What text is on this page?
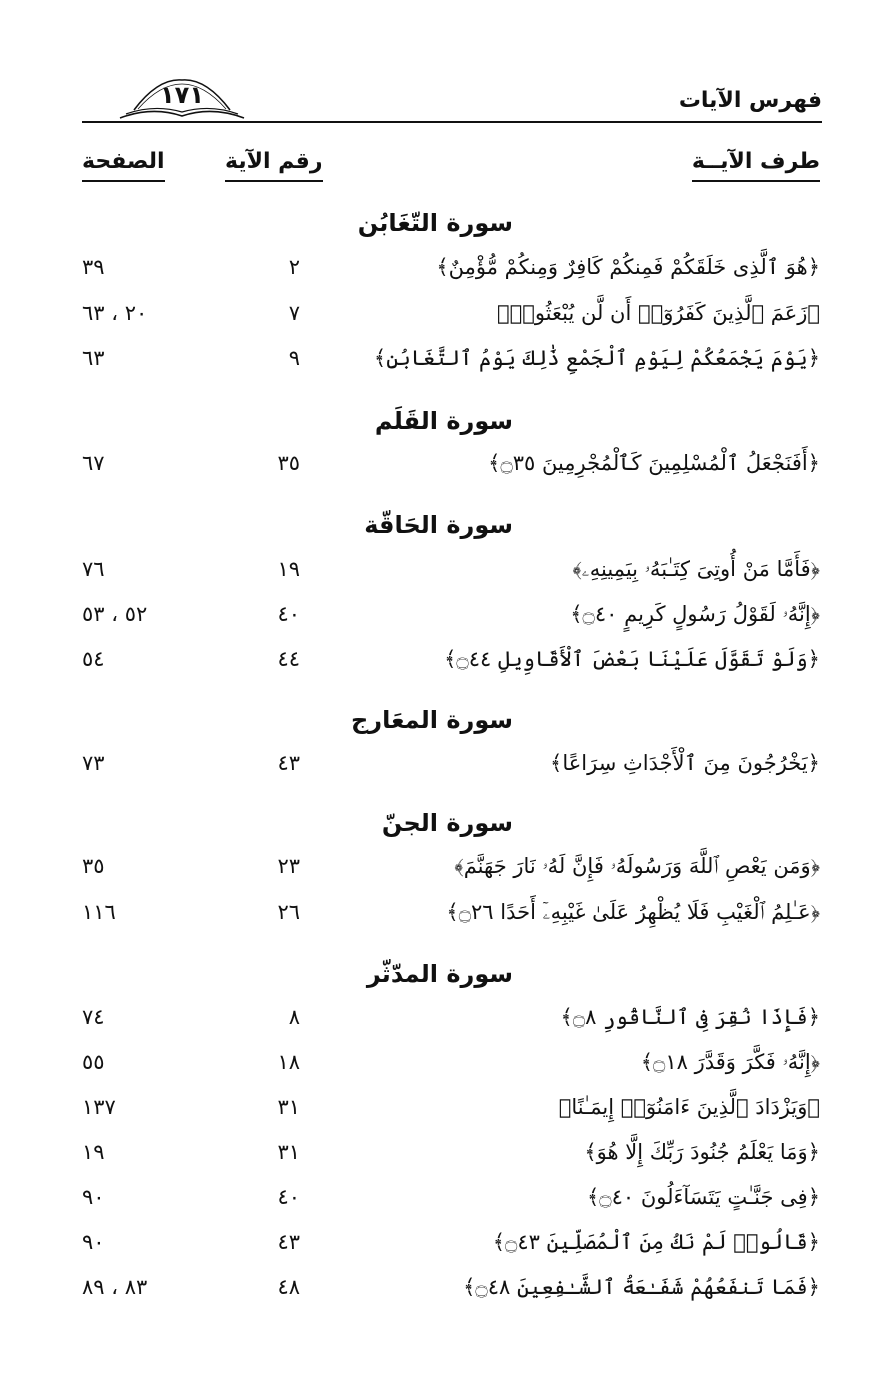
فهرس الآيات
١٧١
طرف الآيــة
رقم الآية
الصفحة
سورة التّغَابُن
﴿هُوَ ٱلَّذِى خَلَقَكُمْ فَمِنكُمْ كَافِرٌ وَمِنكُمْ مُّؤْمِنٌ﴾
٢
٣٩
﴿زَعَمَ ٱلَّذِينَ كَفَرُوٓا۟ أَن لَّن يُبْعَثُوا۟﴾
٧
٢٠ ، ٦٣
﴿يَوْمَ يَجْمَعُكُمْ لِيَوْمِ ٱلْجَمْعِ ذَٰلِكَ يَوْمُ ٱلتَّغَابُنِ﴾
٩
٦٣
سورة القَلَم
﴿أَفَنَجْعَلُ ٱلْمُسْلِمِينَ كَٱلْمُجْرِمِينَ ۝٣٥﴾
٣٥
٦٧
سورة الحَاقّة
﴿فَأَمَّا مَنْ أُوتِىَ كِتَـٰبَهُۥ بِيَمِينِهِۦ﴾
١٩
٧٦
﴿إِنَّهُۥ لَقَوْلُ رَسُولٍ كَرِيمٍ ۝٤٠﴾
٤٠
٥٢ ، ٥٣
﴿وَلَوْ تَقَوَّلَ عَلَيْنَا بَعْضَ ٱلْأَقَاوِيلِ ۝٤٤﴾
٤٤
٥٤
سورة المعَارج
﴿يَخْرُجُونَ مِنَ ٱلْأَجْدَاثِ سِرَاعًا﴾
٤٣
٧٣
سورة الجنّ
﴿وَمَن يَعْصِ ٱللَّهَ وَرَسُولَهُۥ فَإِنَّ لَهُۥ نَارَ جَهَنَّمَ﴾
٢٣
٣٥
﴿عَـٰلِمُ ٱلْغَيْبِ فَلَا يُظْهِرُ عَلَىٰ غَيْبِهِۦٓ أَحَدًا ۝٢٦﴾
٢٦
١١٦
سورة المدّثّر
﴿فَإِذَا نُقِرَ فِى ٱلنَّاقُورِ ۝٨﴾
٨
٧٤
﴿إِنَّهُۥ فَكَّرَ وَقَدَّرَ ۝١٨﴾
١٨
٥٥
﴿وَيَزْدَادَ ٱلَّذِينَ ءَامَنُوٓا۟ إِيمَـٰنًا﴾
٣١
١٣٧
﴿وَمَا يَعْلَمُ جُنُودَ رَبِّكَ إِلَّا هُوَ﴾
٣١
١٩
﴿فِى جَنَّـٰتٍ يَتَسَآءَلُونَ ۝٤٠﴾
٤٠
٩٠
﴿قَالُوا۟ لَمْ نَكُ مِنَ ٱلْمُصَلِّينَ ۝٤٣﴾
٤٣
٩٠
﴿فَمَا تَنفَعُهُمْ شَفَـٰعَةُ ٱلشَّـٰفِعِينَ ۝٤٨﴾
٤٨
٨٣ ، ٨٩
